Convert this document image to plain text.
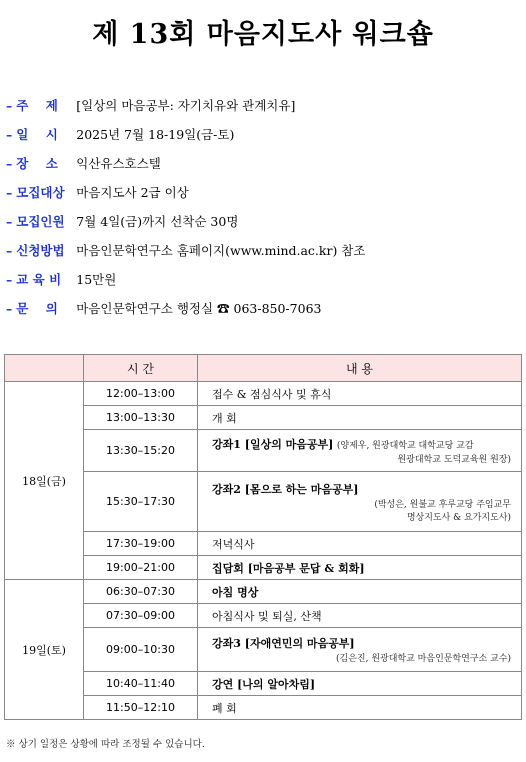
제 13회 마음지도사 워크숍
– 주    제 [일상의 마음공부: 자기치유와 관계치유]
– 일    시 2025년 7월 18-19일(금-토)
– 장    소 익산유스호스텔
– 모집대상 마음지도사 2급 이상
– 모집인원 7월 4일(금)까지 선착순 30명
– 신청방법 마음인문학연구소 홈페이지(www.mind.ac.kr) 참조
– 교 육 비 15만원
– 문    의 마음인문학연구소 행정실 ☎ 063-850-7063
	시 간	내 용
18일(금)	12:00–13:00	접수 & 점심식사 및 휴식
	13:00–13:30	개 회
	13:30–15:20	강좌1 [일상의 마음공부] (양제우, 원광대학교 대학교당 교감
원광대학교 도덕교육원 원장)

	15:30–17:30	강좌2 [몸으로 하는 마음공부]
(박성은, 원불교 후루교당 주임교무
명상지도사 & 요가지도사)

	17:30–19:00	저녁식사
	19:00–21:00	집담회 [마음공부 문답 & 회화]
19일(토)	06:30–07:30	아침 명상
	07:30–09:00	아침식사 및 퇴실, 산책
	09:00–10:30	강좌3 [자애연민의 마음공부]
(김은진, 원광대학교 마음인문학연구소 교수)

	10:40–11:40	강연 [나의 알아차림]
	11:50–12:10	폐 회
※ 상기 일정은 상황에 따라 조정될 수 있습니다.
